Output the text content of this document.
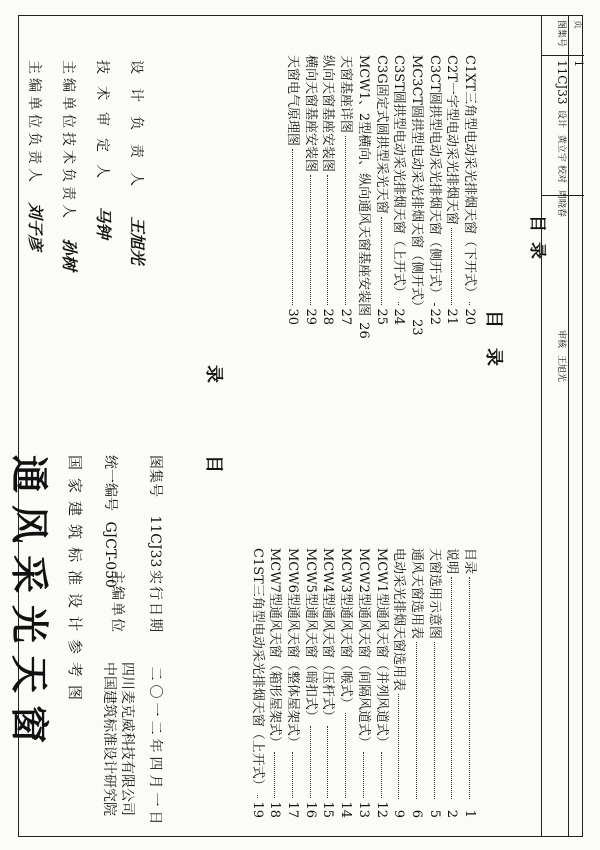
通风采光天窗 国家建筑标准设计参考图 主编单位
中国建筑标准设计研究院 四川麦克威科技有限公司
统一编号 GJCT-050
实行日期 二〇一二年四月一日
图集号 11CJ33
目
目录
1
说明
2
天窗选用示意图
5
通风天窗选用表
6
电动采光排烟天窗选用表
9
MCW1型通风天窗（并列风道式）
12
MCW2型通风天窗（间隔风道式）
13
MCW3型通风天窗（喉式）
14
MCW4型通风天窗（压杆式）
15
MCW5型通风天窗（暗扣式）
16
MCW6型通风天窗（整体屋架式）
17
MCW7型通风天窗（箱形屋架式）
18
C1ST三角型电动采光排烟天窗（上开式）
19
主编单位负责人 刘子彦
主编单位技术负责人 孙树
技术审定人 马钟
设计负责人 王旭光
录
C1XT三角型电动采光排烟天窗（下开式）
20
C2T一字型电动采光排烟天窗
21
C3CT圆拱型电动采光排烟天窗（侧开式）
22
MC3CT圆拱型电动采光排烟天窗（侧开式）
23
C3ST圆拱型电动采光排烟天窗（上开式）
24
C3G固定式圆拱型采光天窗
25
MCW1、2型横向、纵向通风天窗基座安装图
26
天窗基座详图
27
纵向天窗基座安装图
28
横向天窗基座安装图
29
天窗电气原理图
30	目录
图集号
11CJ33
目录
设计 黄立宇
校对 周晓春
审核 王旭光
页
1
